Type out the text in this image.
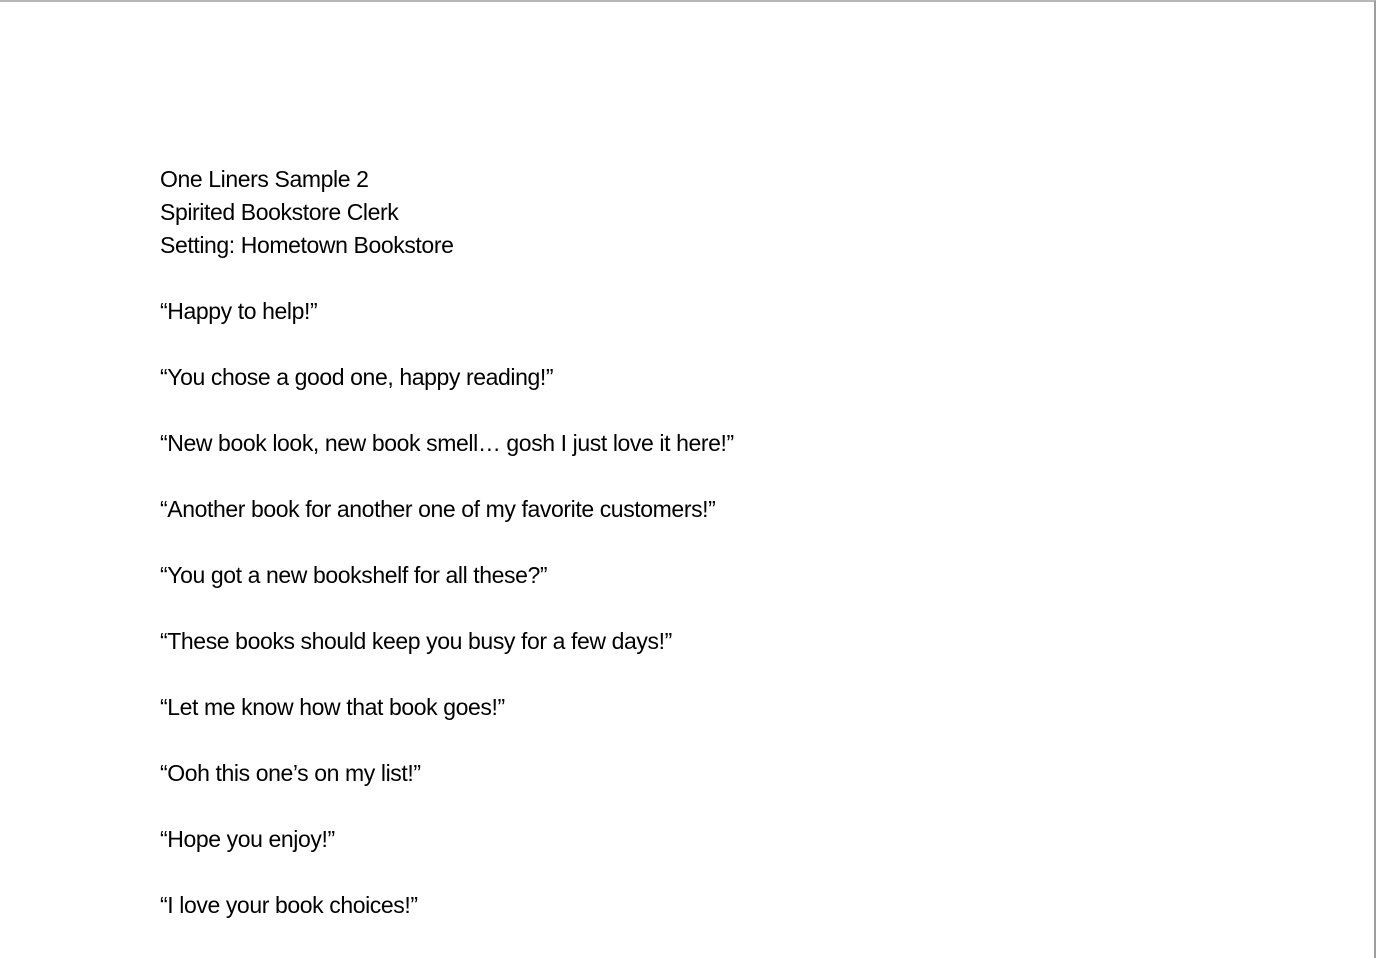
One Liners Sample 2
Spirited Bookstore Clerk
Setting: Hometown Bookstore
“Happy to help!”
“You chose a good one, happy reading!”
“New book look, new book smell… gosh I just love it here!”
“Another book for another one of my favorite customers!”
“You got a new bookshelf for all these?”
“These books should keep you busy for a few days!”
“Let me know how that book goes!”
“Ooh this one’s on my list!”
“Hope you enjoy!”
“I love your book choices!”
